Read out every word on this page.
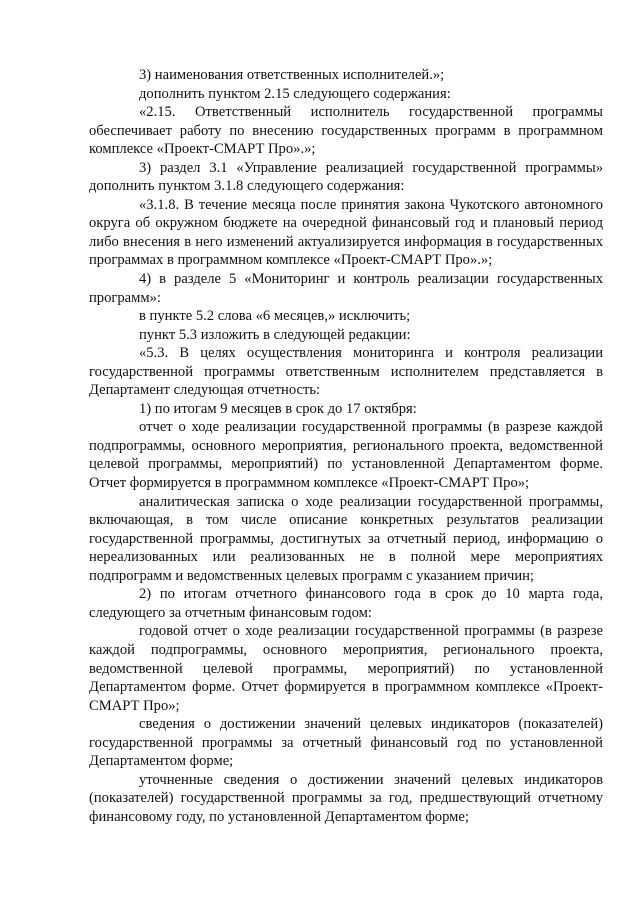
3) наименования ответственных исполнителей.»;

дополнить пунктом 2.15 следующего содержания:

«2.15. Ответственный исполнитель государственной программы обеспечивает работу по внесению государственных программ в программном комплексе «Проект-СМАРТ Про».»;

3) раздел 3.1 «Управление реализацией государственной программы» дополнить пунктом 3.1.8 следующего содержания:

«3.1.8. В течение месяца после принятия закона Чукотского автономного округа об окружном бюджете на очередной финансовый год и плановый период либо внесения в него изменений актуализируется информация в государственных программах в программном комплексе «Проект-СМАРТ Про».»;

4) в разделе 5 «Мониторинг и контроль реализации государственных программ»:

в пункте 5.2 слова «6 месяцев,» исключить;

пункт 5.3 изложить в следующей редакции:

«5.3. В целях осуществления мониторинга и контроля реализации государственной программы ответственным исполнителем представляется в Департамент следующая отчетность:

1) по итогам 9 месяцев в срок до 17 октября:

отчет о ходе реализации государственной программы (в разрезе каждой подпрограммы, основного мероприятия, регионального проекта, ведомственной целевой программы, мероприятий) по установленной Департаментом форме. Отчет формируется в программном комплексе «Проект-СМАРТ Про»;

аналитическая записка о ходе реализации государственной программы, включающая, в том числе описание конкретных результатов реализации государственной программы, достигнутых за отчетный период, информацию о нереализованных или реализованных не в полной мере мероприятиях подпрограмм и ведомственных целевых программ с указанием причин;

2) по итогам отчетного финансового года в срок до 10 марта года, следующего за отчетным финансовым годом:

годовой отчет о ходе реализации государственной программы (в разрезе каждой подпрограммы, основного мероприятия, регионального проекта, ведомственной целевой программы, мероприятий) по установленной Департаментом форме. Отчет формируется в программном комплексе «Проект-СМАРТ Про»;

сведения о достижении значений целевых индикаторов (показателей) государственной программы за отчетный финансовый год по установленной Департаментом форме;

уточненные сведения о достижении значений целевых индикаторов (показателей) государственной программы за год, предшествующий отчетному финансовому году, по установленной Департаментом форме;
